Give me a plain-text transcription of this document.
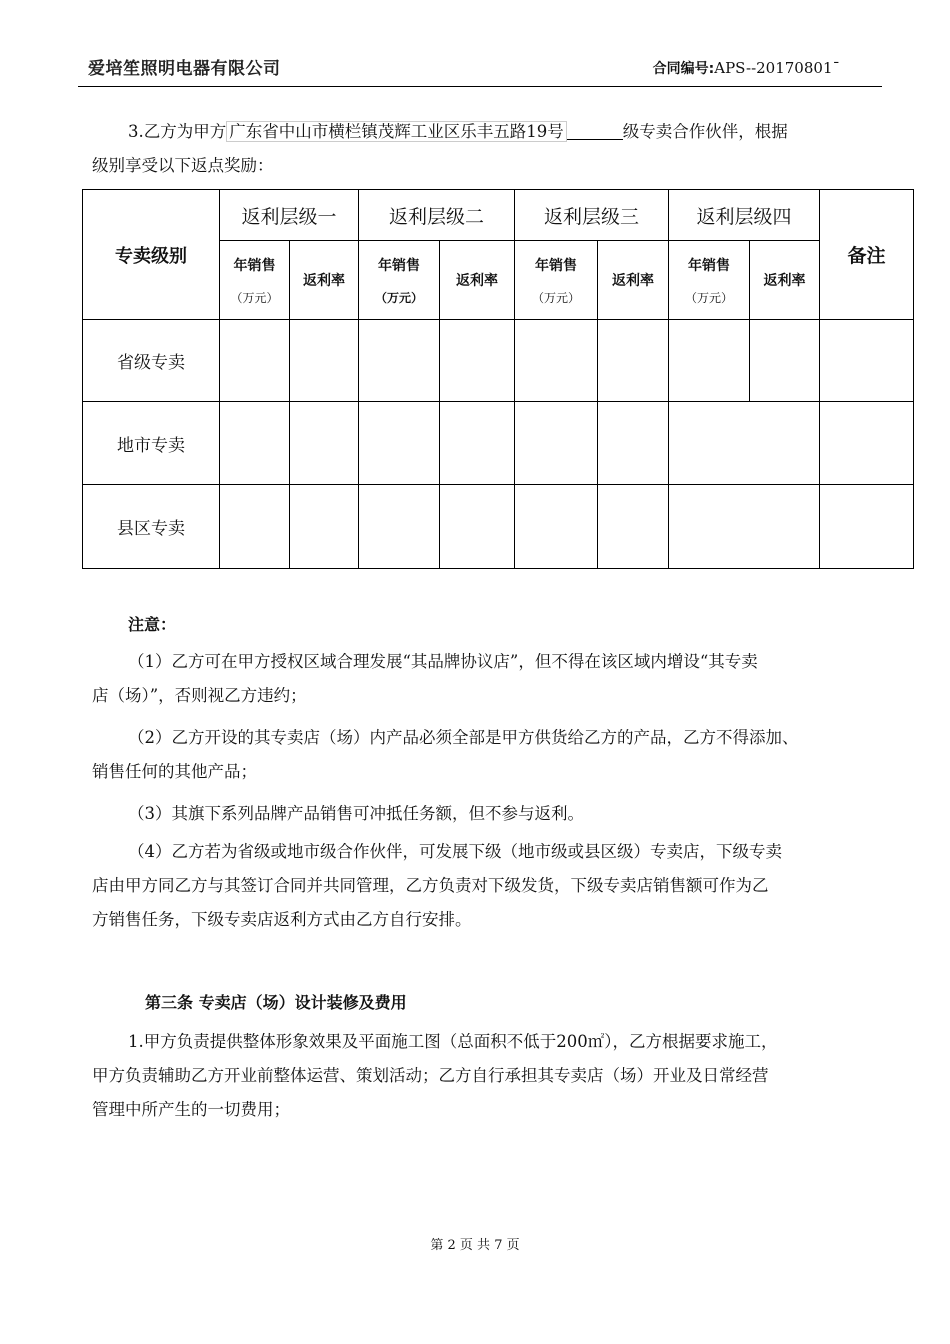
爱培笙照明电器有限公司	合同编号:APS--20170801¯

3.乙方为甲方 广东省中山市横栏镇茂辉工业区乐丰五路19号	级专卖合作伙伴，根据
级别享受以下返点奖励：

专卖级别	返利层级一		返利层级二		返利层级三		返利层级四		备注
	年销售
（万元）	返利率	年销售
（万元）	返利率	年销售
（万元）	返利率	年销售
（万元）	返利率	
省级专卖									
地市专卖									
县区专卖									
注意：

（1）乙方可在甲方授权区域合理发展“其品牌协议店”，但不得在该区域内增设“其专卖
店（场）”，否则视乙方违约；

（2）乙方开设的其专卖店（场）内产品必须全部是甲方供货给乙方的产品，乙方不得添加、
销售任何的其他产品；

（3）其旗下系列品牌产品销售可冲抵任务额，但不参与返利。

（4）乙方若为省级或地市级合作伙伴，可发展下级（地市级或县区级）专卖店，下级专卖
店由甲方同乙方与其签订合同并共同管理，乙方负责对下级发货，下级专卖店销售额可作为乙
方销售任务，下级专卖店返利方式由乙方自行安排。

第三条 专卖店（场）设计装修及费用

1.甲方负责提供整体形象效果及平面施工图（总面积不低于200㎡），乙方根据要求施工，
甲方负责辅助乙方开业前整体运营、策划活动；乙方自行承担其专卖店（场）开业及日常经营
管理中所产生的一切费用；

第 2 页 共 7 页
